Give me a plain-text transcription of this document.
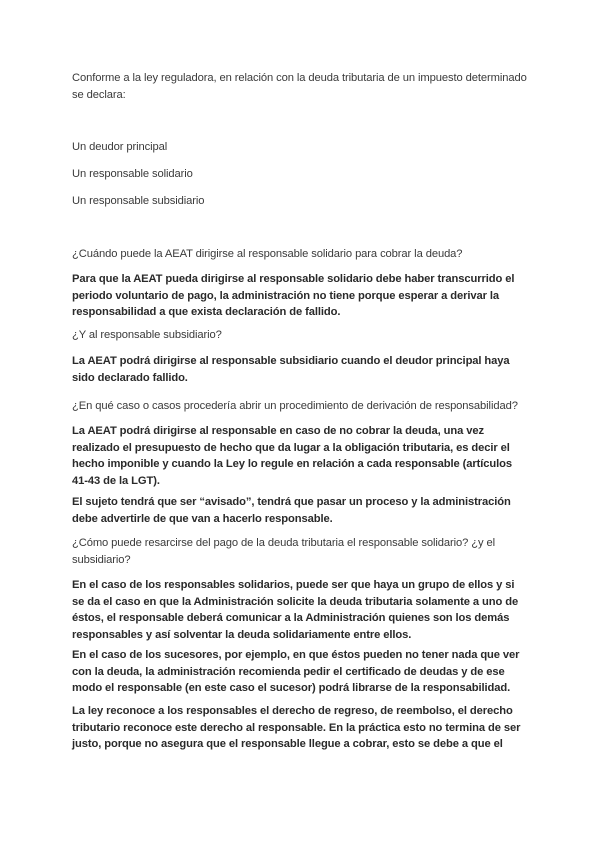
Conforme a la ley reguladora, en relación con la deuda tributaria de un impuesto determinado se declara:

Un deudor principal

Un responsable solidario

Un responsable subsidiario

¿Cuándo puede la AEAT dirigirse al responsable solidario para cobrar la deuda?

Para que la AEAT pueda dirigirse al responsable solidario debe haber transcurrido el periodo voluntario de pago, la administración no tiene porque esperar a derivar la responsabilidad a que exista declaración de fallido.

¿Y al responsable subsidiario?

La AEAT podrá dirigirse al responsable subsidiario cuando el deudor principal haya sido declarado fallido.

¿En qué caso o casos procedería abrir un procedimiento de derivación de responsabilidad?

La AEAT podrá dirigirse al responsable en caso de no cobrar la deuda, una vez realizado el presupuesto de hecho que da lugar a la obligación tributaria, es decir el hecho imponible y cuando la Ley lo regule en relación a cada responsable (artículos 41-43 de la LGT).

El sujeto tendrá que ser “avisado”, tendrá que pasar un proceso y la administración debe advertirle de que van a hacerlo responsable.

¿Cómo puede resarcirse del pago de la deuda tributaria el responsable solidario? ¿y el subsidiario?

En el caso de los responsables solidarios, puede ser que haya un grupo de ellos y si se da el caso en que la Administración solicite la deuda tributaria solamente a uno de éstos, el responsable deberá comunicar a la Administración quienes son los demás responsables y así solventar la deuda solidariamente entre ellos.

En el caso de los sucesores, por ejemplo, en que éstos pueden no tener nada que ver con la deuda, la administración recomienda pedir el certificado de deudas y de ese modo el responsable (en este caso el sucesor) podrá librarse de la responsabilidad.

La ley reconoce a los responsables el derecho de regreso, de reembolso, el derecho tributario reconoce este derecho al responsable. En la práctica esto no termina de ser justo, porque no asegura que el responsable llegue a cobrar, esto se debe a que el
